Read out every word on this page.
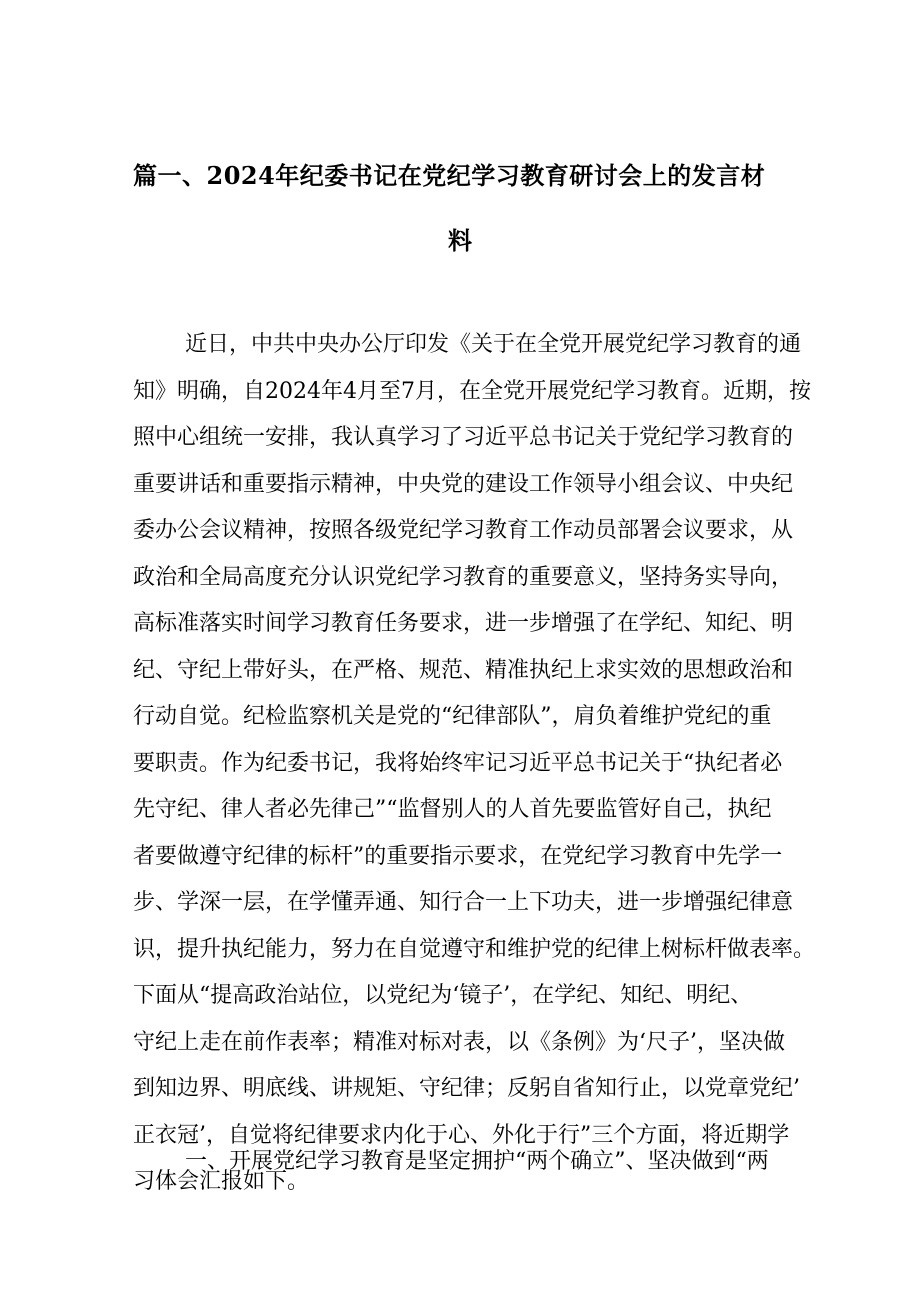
篇一、2024年纪委书记在党纪学习教育研讨会上的发言材
料
近日，中共中央办公厅印发《关于在全党开展党纪学习教育的通
知》明确，自2024年4月至7月，在全党开展党纪学习教育。近期，按
照中心组统一安排，我认真学习了习近平总书记关于党纪学习教育的
重要讲话和重要指示精神，中央党的建设工作领导小组会议、中央纪
委办公会议精神，按照各级党纪学习教育工作动员部署会议要求，从
政治和全局高度充分认识党纪学习教育的重要意义，坚持务实导向，
高标准落实时间学习教育任务要求，进一步增强了在学纪、知纪、明
纪、守纪上带好头，在严格、规范、精准执纪上求实效的思想政治和
行动自觉。纪检监察机关是党的“纪律部队”，肩负着维护党纪的重
要职责。作为纪委书记，我将始终牢记习近平总书记关于“执纪者必
先守纪、律人者必先律己”“监督别人的人首先要监管好自己，执纪
者要做遵守纪律的标杆”的重要指示要求，在党纪学习教育中先学一
步、学深一层，在学懂弄通、知行合一上下功夫，进一步增强纪律意
识，提升执纪能力，努力在自觉遵守和维护党的纪律上树标杆做表率。
下面从“提高政治站位，以党纪为‘镜子’，在学纪、知纪、明纪、
守纪上走在前作表率；精准对标对表，以《条例》为‘尺子’，坚决做
到知边界、明底线、讲规矩、守纪律；反躬自省知行止，以党章党纪’
正衣冠’，自觉将纪律要求内化于心、外化于行”三个方面，将近期学
习体会汇报如下。
一、开展党纪学习教育是坚定拥护“两个确立”、坚决做到“两
